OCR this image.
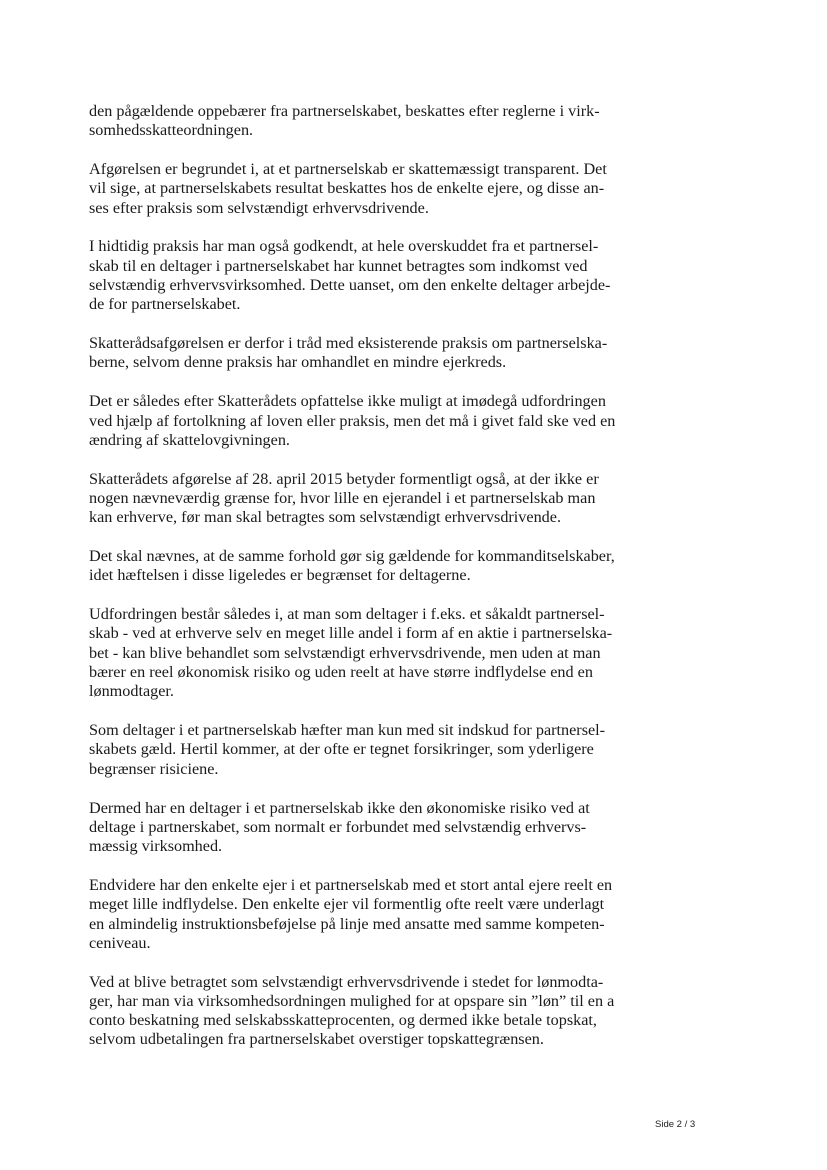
den pågældende oppebærer fra partnerselskabet, beskattes efter reglerne i virk-
somhedsskatteordningen.

Afgørelsen er begrundet i, at et partnerselskab er skattemæssigt transparent. Det
vil sige, at partnerselskabets resultat beskattes hos de enkelte ejere, og disse an-
ses efter praksis som selvstændigt erhvervsdrivende.

I hidtidig praksis har man også godkendt, at hele overskuddet fra et partnersel-
skab til en deltager i partnerselskabet har kunnet betragtes som indkomst ved
selvstændig erhvervsvirksomhed. Dette uanset, om den enkelte deltager arbejde-
de for partnerselskabet.

Skatterådsafgørelsen er derfor i tråd med eksisterende praksis om partnerselska-
berne, selvom denne praksis har omhandlet en mindre ejerkreds.

Det er således efter Skatterådets opfattelse ikke muligt at imødegå udfordringen
ved hjælp af fortolkning af loven eller praksis, men det må i givet fald ske ved en
ændring af skattelovgivningen.

Skatterådets afgørelse af 28. april 2015 betyder formentligt også, at der ikke er
nogen nævneværdig grænse for, hvor lille en ejerandel i et partnerselskab man
kan erhverve, før man skal betragtes som selvstændigt erhvervsdrivende.

Det skal nævnes, at de samme forhold gør sig gældende for kommanditselskaber,
idet hæftelsen i disse ligeledes er begrænset for deltagerne.

Udfordringen består således i, at man som deltager i f.eks. et såkaldt partnersel-
skab - ved at erhverve selv en meget lille andel i form af en aktie i partnerselska-
bet - kan blive behandlet som selvstændigt erhvervsdrivende, men uden at man
bærer en reel økonomisk risiko og uden reelt at have større indflydelse end en
lønmodtager.

Som deltager i et partnerselskab hæfter man kun med sit indskud for partnersel-
skabets gæld. Hertil kommer, at der ofte er tegnet forsikringer, som yderligere
begrænser risiciene.

Dermed har en deltager i et partnerselskab ikke den økonomiske risiko ved at
deltage i partnerskabet, som normalt er forbundet med selvstændig erhvervs-
mæssig virksomhed.

Endvidere har den enkelte ejer i et partnerselskab med et stort antal ejere reelt en
meget lille indflydelse. Den enkelte ejer vil formentlig ofte reelt være underlagt
en almindelig instruktionsbeføjelse på linje med ansatte med samme kompeten-
ceniveau.

Ved at blive betragtet som selvstændigt erhvervsdrivende i stedet for lønmodta-
ger, har man via virksomhedsordningen mulighed for at opspare sin ”løn” til en a
conto beskatning med selskabsskatteprocenten, og dermed ikke betale topskat,
selvom udbetalingen fra partnerselskabet overstiger topskattegrænsen.

Side 2 / 3
